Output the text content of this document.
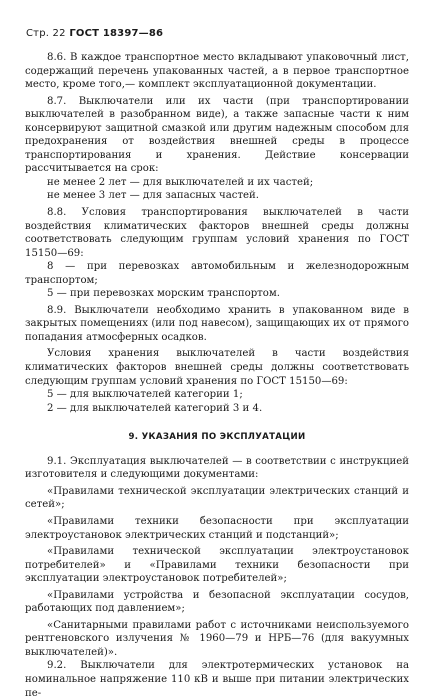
Стр. 22 ГОСТ 18397—86

8.6. В каждое транспортное место вкладывают упаковочный лист, содержащий перечень упакованных частей, а в первое транспортное место, кроме того,— комплект эксплуатационной документации.

8.7. Выключатели или их части (при транспортировании выключателей в разобранном виде), а также запасные части к ним консервируют защитной смазкой или другим надежным способом для предохранения от воздействия внешней среды в процессе транспортирования и хранения. Действие консервации рассчитывается на срок:

не менее 2 лет — для выключателей и их частей;

не менее 3 лет — для запасных частей.

8.8. Условия транспортирования выключателей в части воздействия климатических факторов внешней среды должны соответствовать следующим группам условий хранения по ГОСТ 15150—69:

8 — при перевозках автомобильным и железнодорожным транспортом;

5 — при перевозках морским транспортом.

8.9. Выключатели необходимо хранить в упакованном виде в закрытых помещениях (или под навесом), защищающих их от прямого попадания атмосферных осадков.

Условия хранения выключателей в части воздействия климатических факторов внешней среды должны соответствовать следующим группам условий хранения по ГОСТ 15150—69:

5 — для выключателей категории 1;

2 — для выключателей категорий 3 и 4.

9. УКАЗАНИЯ ПО ЭКСПЛУАТАЦИИ

9.1. Эксплуатация выключателей — в соответствии с инструкцией изготовителя и следующими документами:

«Правилами технической эксплуатации электрических станций и сетей»;

«Правилами техники безопасности при эксплуатации электроустановок электрических станций и подстанций»;

«Правилами технической эксплуатации электроустановок потребителей» и «Правилами техники безопасности при эксплуатации электроустановок потребителей»;

«Правилами устройства и безопасной эксплуатации сосудов, работающих под давлением»;

«Санитарными правилами работ с источниками неиспользуемого рентгеновского излучения № 1960—79 и НРБ—76 (для вакуумных выключателей)».

9.2. Выключатели для электротермических установок на номинальное напряжение 110 кВ и выше при питании электрических пе-
